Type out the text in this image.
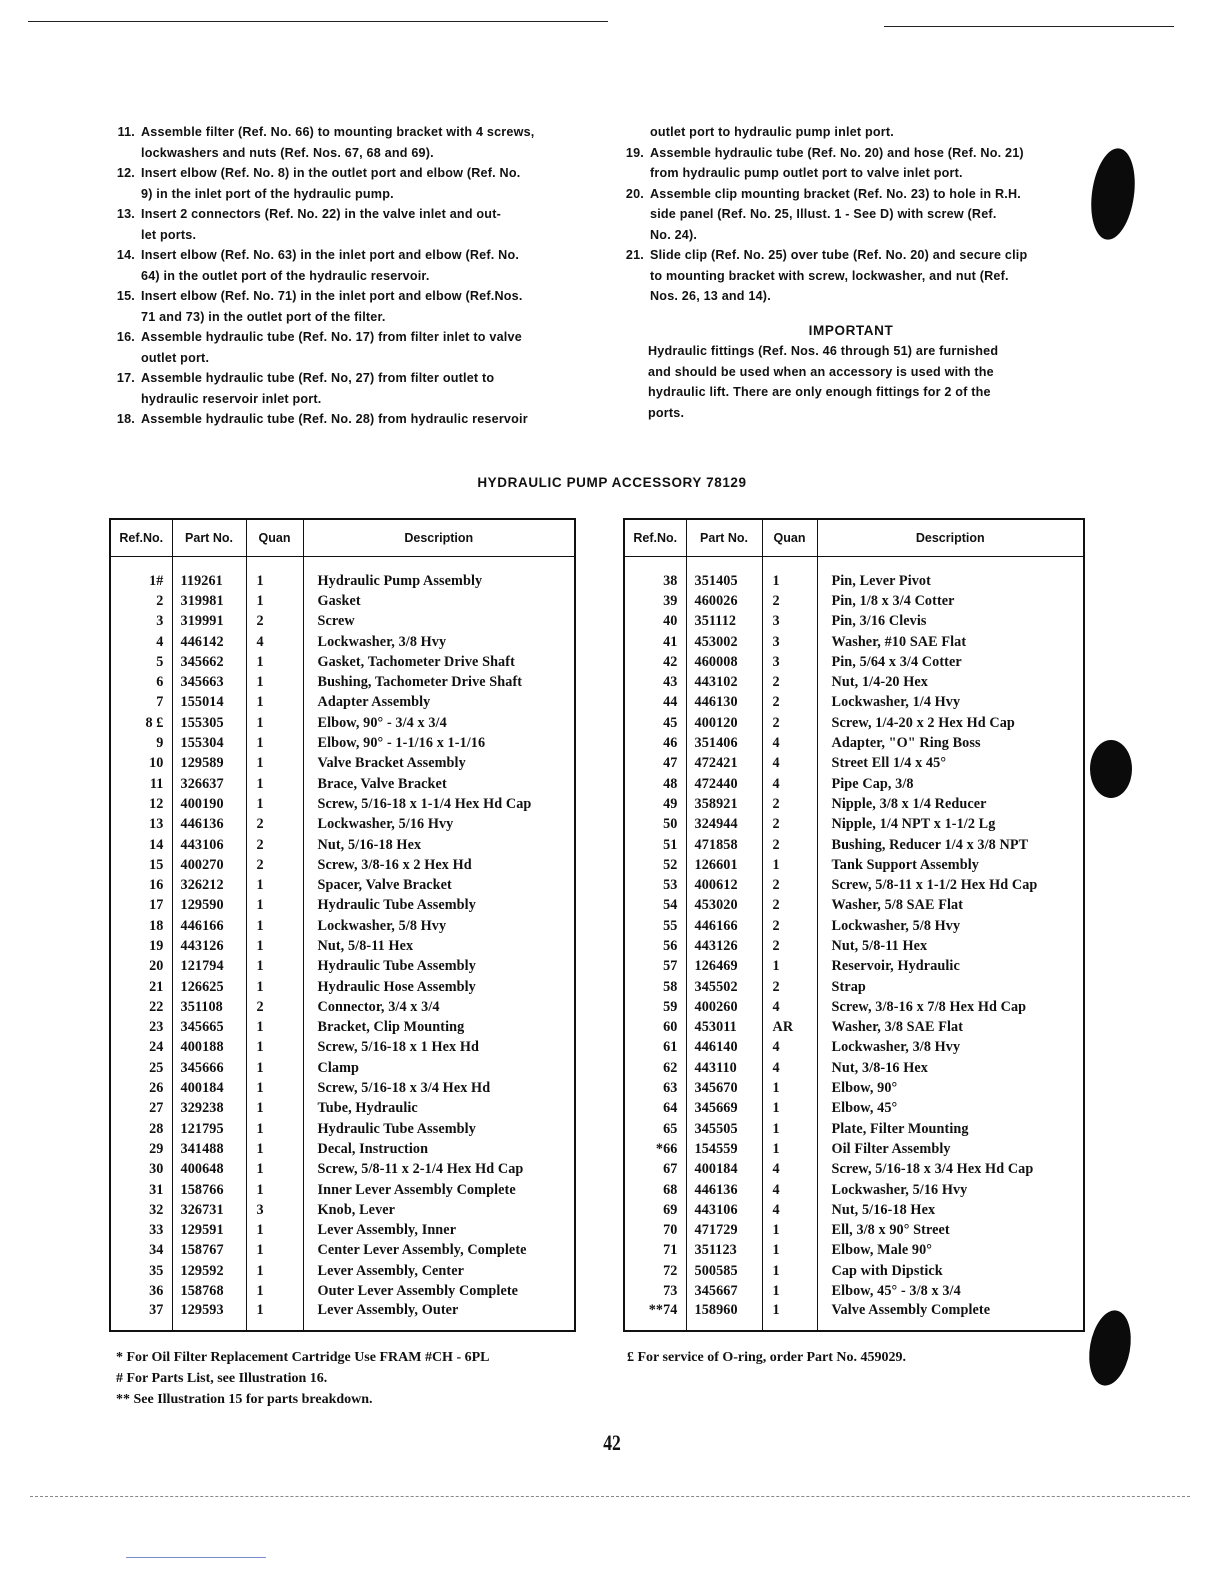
11. Assemble filter (Ref. No. 66) to mounting bracket with 4 screws,
lockwashers and nuts (Ref. Nos. 67, 68 and 69).
12. Insert elbow (Ref. No. 8) in the outlet port and elbow (Ref. No.
9) in the inlet port of the hydraulic pump.
13. Insert 2 connectors (Ref. No. 22) in the valve inlet and out-
let ports.
14. Insert elbow (Ref. No. 63) in the inlet port and elbow (Ref. No.
64) in the outlet port of the hydraulic reservoir.
15. Insert elbow (Ref. No. 71) in the inlet port and elbow (Ref.Nos.
71 and 73) in the outlet port of the filter.
16. Assemble hydraulic tube (Ref. No. 17) from filter inlet to valve
outlet port.
17. Assemble hydraulic tube (Ref. No, 27) from filter outlet to
hydraulic reservoir inlet port.
18. Assemble hydraulic tube (Ref. No. 28) from hydraulic reservoir
outlet port to hydraulic pump inlet port.
19. Assemble hydraulic tube (Ref. No. 20) and hose (Ref. No. 21)
from hydraulic pump outlet port to valve inlet port.
20. Assemble clip mounting bracket (Ref. No. 23) to hole in R.H.
side panel (Ref. No. 25, Illust. 1 - See D) with screw (Ref.
No. 24).
21. Slide clip (Ref. No. 25) over tube (Ref. No. 20) and secure clip
to mounting bracket with screw, lockwasher, and nut (Ref.
Nos. 26, 13 and 14).
IMPORTANT
Hydraulic fittings (Ref. Nos. 46 through 51) are furnished
and should be used when an accessory is used with the
hydraulic lift. There are only enough fittings for 2 of the
ports.
HYDRAULIC PUMP ACCESSORY 78129
Ref.No.	Part No.	Quan	Description

1#	119261	1	Hydraulic Pump Assembly
2	319981	1	Gasket
3	319991	2	Screw
4	446142	4	Lockwasher, 3/8 Hvy
5	345662	1	Gasket, Tachometer Drive Shaft
6	345663	1	Bushing, Tachometer Drive Shaft
7	155014	1	Adapter Assembly
8 £	155305	1	Elbow, 90° - 3/4 x 3/4
9	155304	1	Elbow, 90° - 1-1/16 x 1-1/16
10	129589	1	Valve Bracket Assembly
11	326637	1	Brace, Valve Bracket
12	400190	1	Screw, 5/16-18 x 1-1/4 Hex Hd Cap
13	446136	2	Lockwasher, 5/16 Hvy
14	443106	2	Nut, 5/16-18 Hex
15	400270	2	Screw, 3/8-16 x 2 Hex Hd
16	326212	1	Spacer, Valve Bracket
17	129590	1	Hydraulic Tube Assembly
18	446166	1	Lockwasher, 5/8 Hvy
19	443126	1	Nut, 5/8-11 Hex
20	121794	1	Hydraulic Tube Assembly
21	126625	1	Hydraulic Hose Assembly
22	351108	2	Connector, 3/4 x 3/4
23	345665	1	Bracket, Clip Mounting
24	400188	1	Screw, 5/16-18 x 1 Hex Hd
25	345666	1	Clamp
26	400184	1	Screw, 5/16-18 x 3/4 Hex Hd
27	329238	1	Tube, Hydraulic
28	121795	1	Hydraulic Tube Assembly
29	341488	1	Decal, Instruction
30	400648	1	Screw, 5/8-11 x 2-1/4 Hex Hd Cap
31	158766	1	Inner Lever Assembly Complete
32	326731	3	Knob, Lever
33	129591	1	Lever Assembly, Inner
34	158767	1	Center Lever Assembly, Complete
35	129592	1	Lever Assembly, Center
36	158768	1	Outer Lever Assembly Complete
37	129593	1	Lever Assembly, Outer
Ref.No.	Part No.	Quan	Description

38	351405	1	Pin, Lever Pivot
39	460026	2	Pin, 1/8 x 3/4 Cotter
40	351112	3	Pin, 3/16 Clevis
41	453002	3	Washer, #10 SAE Flat
42	460008	3	Pin, 5/64 x 3/4 Cotter
43	443102	2	Nut, 1/4-20 Hex
44	446130	2	Lockwasher, 1/4 Hvy
45	400120	2	Screw, 1/4-20 x 2 Hex Hd Cap
46	351406	4	Adapter, "O" Ring Boss
47	472421	4	Street Ell 1/4 x 45°
48	472440	4	Pipe Cap, 3/8
49	358921	2	Nipple, 3/8 x 1/4 Reducer
50	324944	2	Nipple, 1/4 NPT x 1-1/2 Lg
51	471858	2	Bushing, Reducer 1/4 x 3/8 NPT
52	126601	1	Tank Support Assembly
53	400612	2	Screw, 5/8-11 x 1-1/2 Hex Hd Cap
54	453020	2	Washer, 5/8 SAE Flat
55	446166	2	Lockwasher, 5/8 Hvy
56	443126	2	Nut, 5/8-11 Hex
57	126469	1	Reservoir, Hydraulic
58	345502	2	Strap
59	400260	4	Screw, 3/8-16 x 7/8 Hex Hd Cap
60	453011	AR	Washer, 3/8 SAE Flat
61	446140	4	Lockwasher, 3/8 Hvy
62	443110	4	Nut, 3/8-16 Hex
63	345670	1	Elbow, 90°
64	345669	1	Elbow, 45°
65	345505	1	Plate, Filter Mounting
*66	154559	1	Oil Filter Assembly
67	400184	4	Screw, 5/16-18 x 3/4 Hex Hd Cap
68	446136	4	Lockwasher, 5/16 Hvy
69	443106	4	Nut, 5/16-18 Hex
70	471729	1	Ell, 3/8 x 90° Street
71	351123	1	Elbow, Male 90°
72	500585	1	Cap with Dipstick
73	345667	1	Elbow, 45° - 3/8 x 3/4
**74	158960	1	Valve Assembly Complete
* For Oil Filter Replacement Cartridge Use FRAM #CH - 6PL
# For Parts List, see Illustration 16.
** See Illustration 15 for parts breakdown.
£ For service of O-ring, order Part No. 459029.
42
